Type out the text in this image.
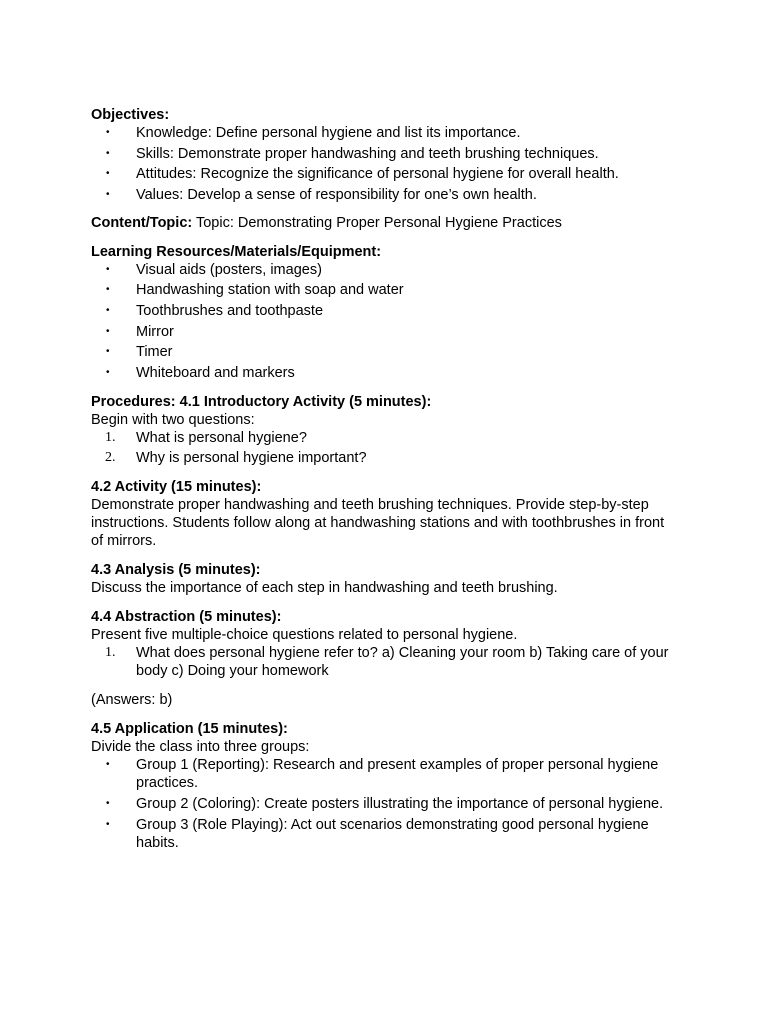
Objectives:
• Knowledge: Define personal hygiene and list its importance.
• Skills: Demonstrate proper handwashing and teeth brushing techniques.
• Attitudes: Recognize the significance of personal hygiene for overall health.
• Values: Develop a sense of responsibility for one’s own health.
Content/Topic: Topic: Demonstrating Proper Personal Hygiene Practices
Learning Resources/Materials/Equipment:
• Visual aids (posters, images)
• Handwashing station with soap and water
• Toothbrushes and toothpaste
• Mirror
• Timer
• Whiteboard and markers
Procedures: 4.1 Introductory Activity (5 minutes):
Begin with two questions:
1. What is personal hygiene?
2. Why is personal hygiene important?
4.2 Activity (15 minutes):
Demonstrate proper handwashing and teeth brushing techniques. Provide step-by-step instructions. Students follow along at handwashing stations and with toothbrushes in front of mirrors.
4.3 Analysis (5 minutes):
Discuss the importance of each step in handwashing and teeth brushing.
4.4 Abstraction (5 minutes):
Present five multiple-choice questions related to personal hygiene.
1. What does personal hygiene refer to? a) Cleaning your room b) Taking care of your body c) Doing your homework
(Answers: b)
4.5 Application (15 minutes):
Divide the class into three groups:
• Group 1 (Reporting): Research and present examples of proper personal hygiene practices.
• Group 2 (Coloring): Create posters illustrating the importance of personal hygiene.
• Group 3 (Role Playing): Act out scenarios demonstrating good personal hygiene habits.
